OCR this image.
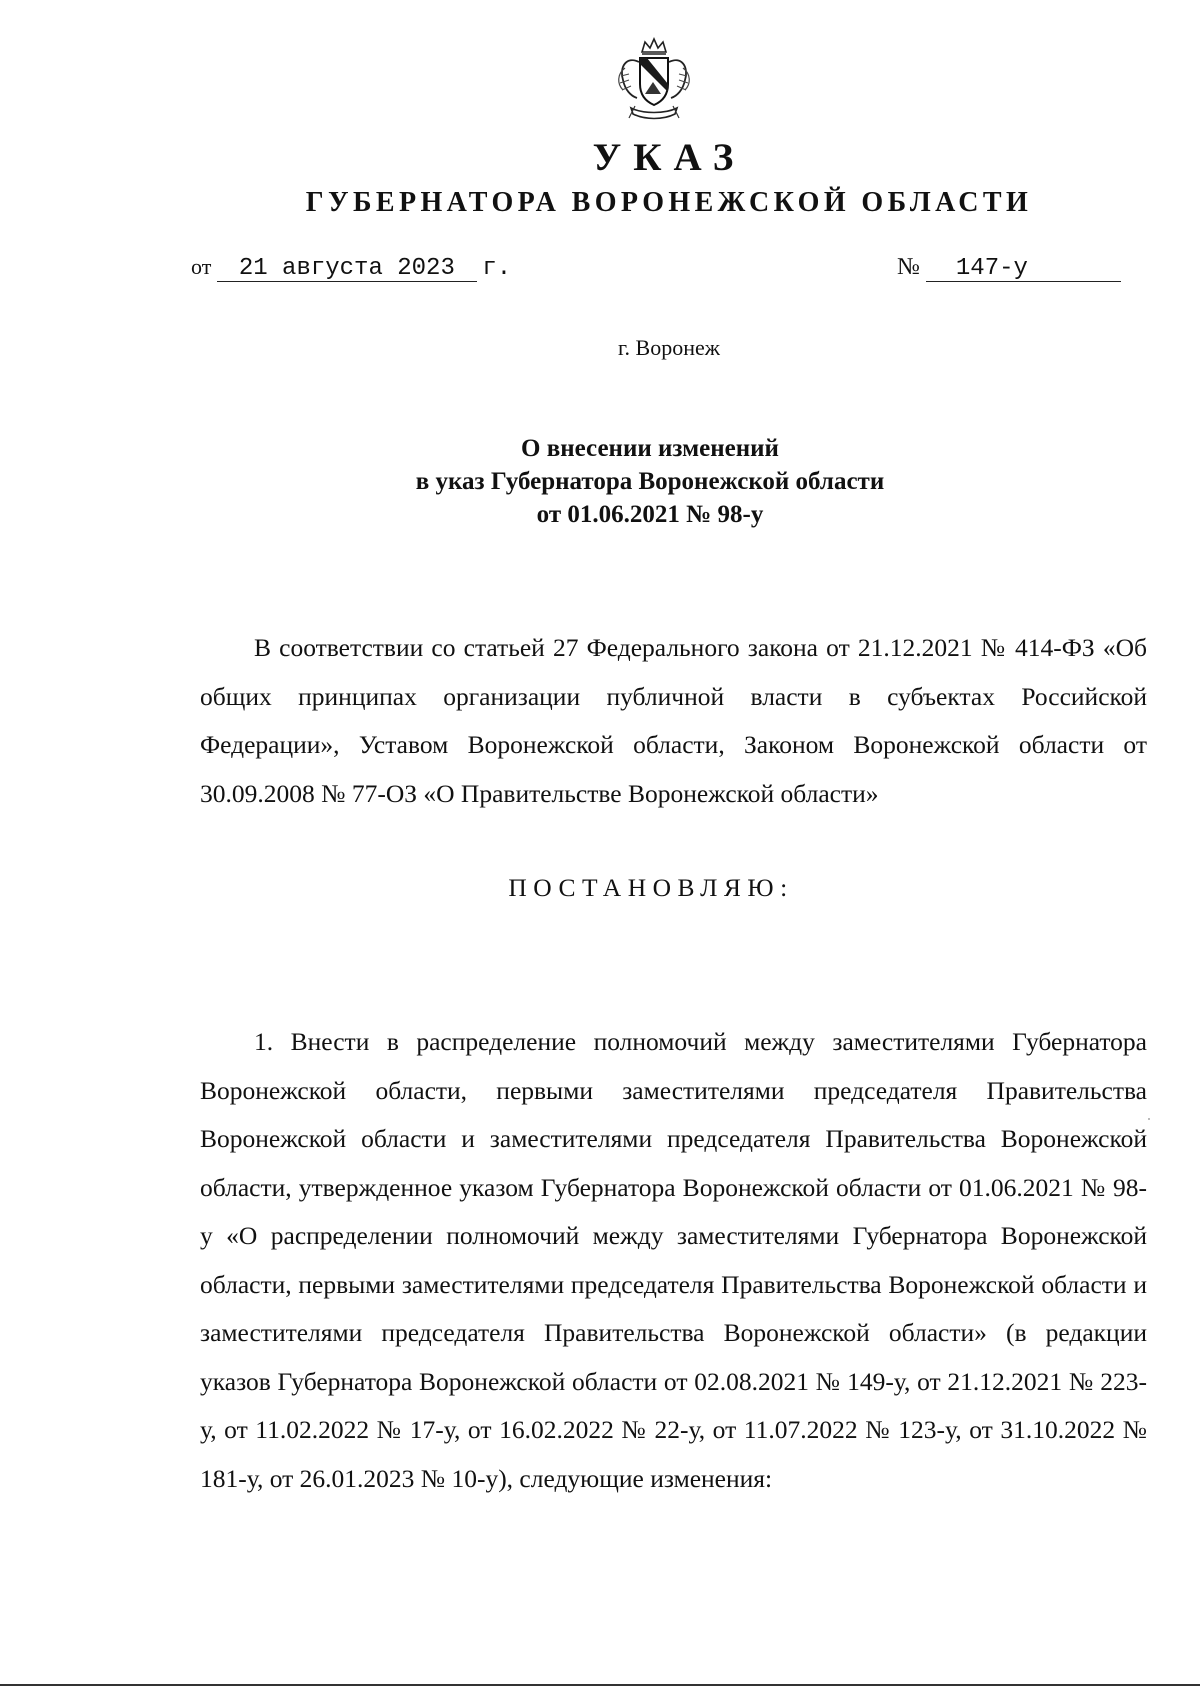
УКАЗ
ГУБЕРНАТОРА ВОРОНЕЖСКОЙ ОБЛАСТИ
от 21 августа 2023 г.	№ 147-у
г. Воронеж
О внесении изменений
в указ Губернатора Воронежской области
от 01.06.2021 № 98-у

В соответствии со статьей 27 Федерального закона от 21.12.2021 № 414-ФЗ «Об общих принципах организации публичной власти в субъектах Российской Федерации», Уставом Воронежской области, Законом Воронежской области от 30.09.2008 № 77-ОЗ «О Правительстве Воронежской области»

ПОСТАНОВЛЯЮ:

1. Внести в распределение полномочий между заместителями Губернатора Воронежской области, первыми заместителями председателя Правительства Воронежской области и заместителями председателя Правительства Воронежской области, утвержденное указом Губернатора Воронежской области от 01.06.2021 № 98-у «О распределении полномочий между заместителями Губернатора Воронежской области, первыми заместителями председателя Правительства Воронежской области и заместителями председателя Правительства Воронежской области» (в редакции указов Губернатора Воронежской области от 02.08.2021 № 149-у, от 21.12.2021 № 223-у, от 11.02.2022 № 17-у, от 16.02.2022 № 22-у, от 11.07.2022 № 123-у, от 31.10.2022 № 181-у, от 26.01.2023 № 10-у), следующие изменения:
